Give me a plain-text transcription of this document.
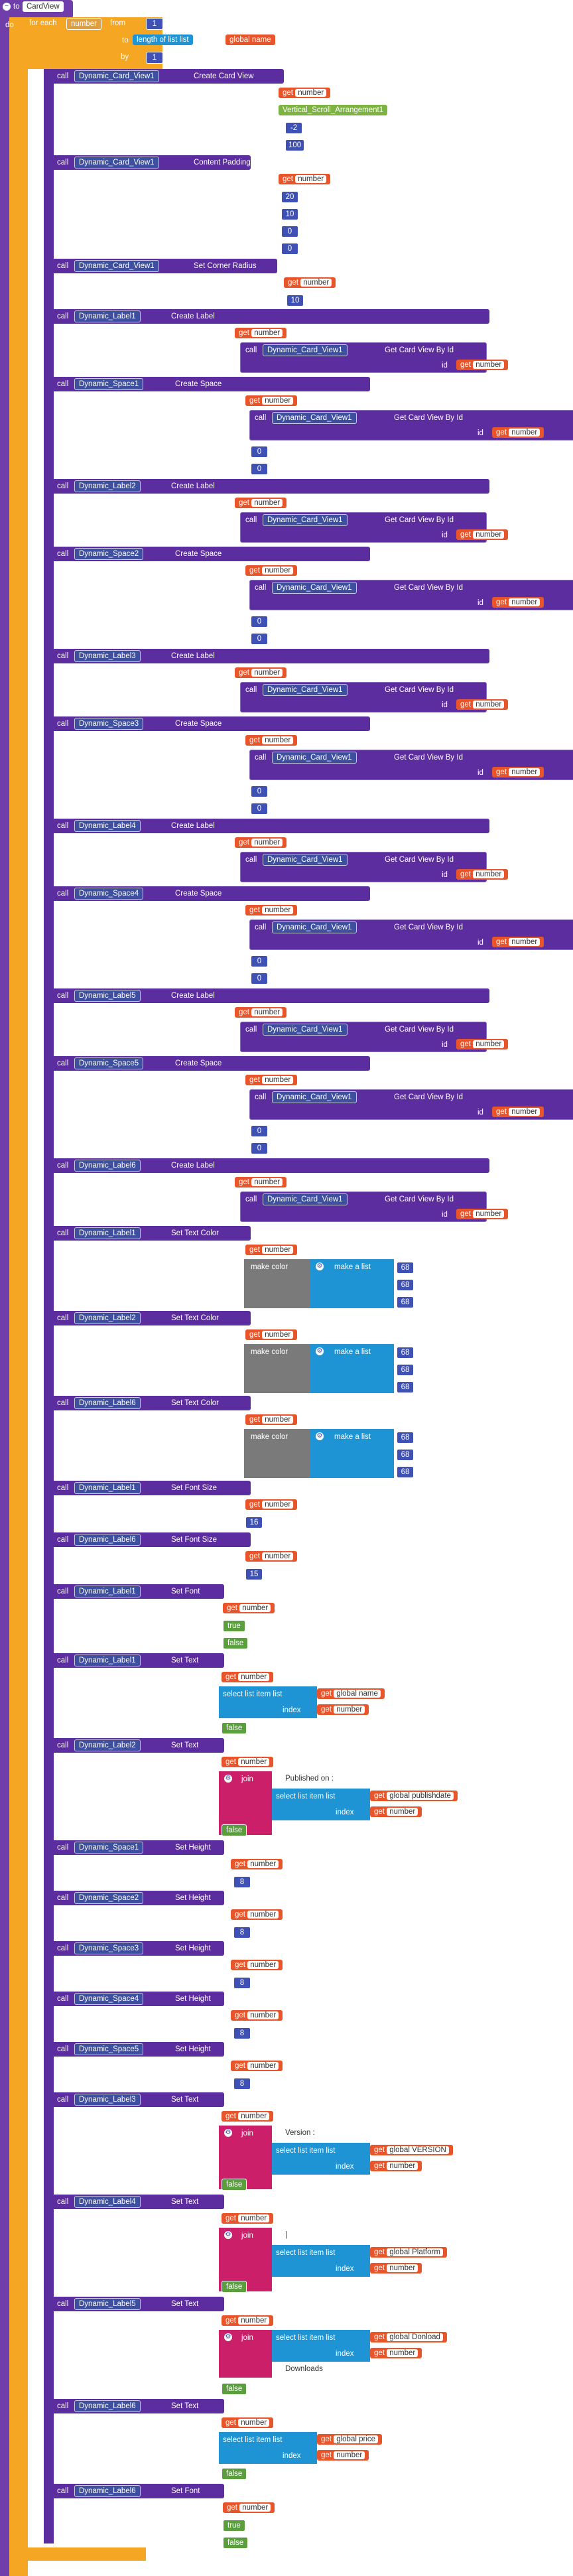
− to CardView
do for each	number	from	1
to	length of list list	global name
by	1
do	call	Dynamic_Card_View1	Create Card View
id	get number
arrangement	Vertical_Scroll_Arrangement1
width	-2
height	100
call	Dynamic_Card_View1	Content Padding
id	get number
content Padding Left	20
content Padding Top	10
content Padding Right	0
content Padding Bottom	0
call	Dynamic_Card_View1	Set Corner Radius
id	get number
radius	10
call	Dynamic_Label1	Create Label
id	get number
arrangement	call	Dynamic_Card_View1	Get Card View By Id
id	get number
call	Dynamic_Space1	Create Space
id	get number
arrangement	call	Dynamic_Card_View1	Get Card View By Id
id	get number
width	0
height	0
call	Dynamic_Label2	Create Label
id	get number
arrangement	call	Dynamic_Card_View1	Get Card View By Id
id	get number
call	Dynamic_Space2	Create Space
id	get number
arrangement	call	Dynamic_Card_View1	Get Card View By Id
id	get number
width	0
height	0
call	Dynamic_Label3	Create Label
id	get number
arrangement	call	Dynamic_Card_View1	Get Card View By Id
id	get number
call	Dynamic_Space3	Create Space
id	get number
arrangement	call	Dynamic_Card_View1	Get Card View By Id
id	get number
width	0
height	0
call	Dynamic_Label4	Create Label
id	get number
arrangement	call	Dynamic_Card_View1	Get Card View By Id
id	get number
call	Dynamic_Space4	Create Space
id	get number
arrangement	call	Dynamic_Card_View1	Get Card View By Id
id	get number
width	0
height	0
call	Dynamic_Label5	Create Label
id	get number
arrangement	call	Dynamic_Card_View1	Get Card View By Id
id	get number
call	Dynamic_Space5	Create Space
id	get number
arrangement	call	Dynamic_Card_View1	Get Card View By Id
id	get number
width	0
height	0
call	Dynamic_Label6	Create Label
id	get number
arrangement	call	Dynamic_Card_View1	Get Card View By Id
id	get number
call	Dynamic_Label1	Set Text Color
id	get number
color	make color	⚙ make a list	68
68
68
call	Dynamic_Label2	Set Text Color
id	get number
color	make color	⚙ make a list	68
68
68
call	Dynamic_Label6	Set Text Color
id	get number
color	make color	⚙ make a list	68
68
68
call	Dynamic_Label1	Set Font Size
id	get number
size	16
call	Dynamic_Label6	Set Font Size
id	get number
size	15
call	Dynamic_Label1	Set Font
id	get number
bold	true
italic	false
call	Dynamic_Label1	Set Text
id	get number
text select list item list	get global name
index	get number
html	false
call	Dynamic_Label2	Set Text
id	get number
text ⚙ join	Published on :
select list item list	get global publishdate
index	get number
html	false
call	Dynamic_Space1	Set Height
id	get number
height	8
call	Dynamic_Space2	Set Height
id	get number
height	8
call	Dynamic_Space3	Set Height
id	get number
height	8
call	Dynamic_Space4	Set Height
id	get number
height	8
call	Dynamic_Space5	Set Height
id	get number
height	8
call	Dynamic_Label3	Set Text
id	get number
text ⚙ join	Version :
select list item list	get global VERSION
index	get number
html	false
call	Dynamic_Label4	Set Text
id	get number
text ⚙ join	|
select list item list	get global Platform
index	get number
html	false
call	Dynamic_Label5	Set Text
id	get number
text ⚙ join	select list item list	get global Donload
index	get number
Downloads
html	false
call	Dynamic_Label6	Set Text
id	get number
text select list item list	get global price
index	get number
html	false
call	Dynamic_Label6	Set Font
id	get number
bold	true
italic	false
